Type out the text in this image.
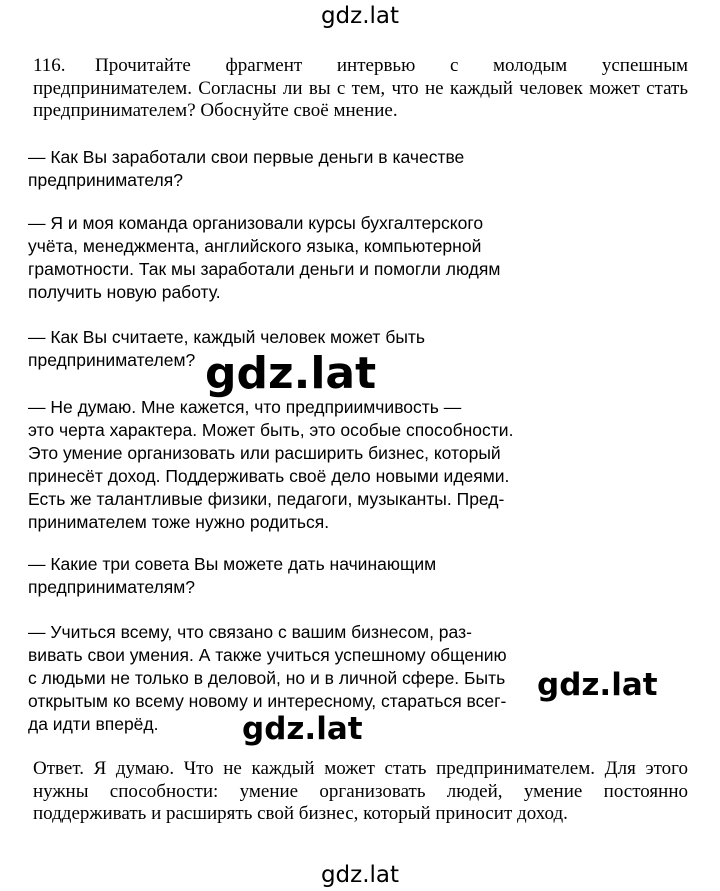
gdz.lat

116. Прочитайте фрагмент интервью с молодым успешным предпринимателем. Согласны ли вы с тем, что не каждый человек может стать предпринимателем? Обоснуйте своё мнение.

— Как Вы заработали свои первые деньги в качестве
предпринимателя?

— Я и моя команда организовали курсы бухгалтерского
учёта, менеджмента, английского языка, компьютерной
грамотности. Так мы заработали деньги и помогли людям
получить новую работу.

— Как Вы считаете, каждый человек может быть
предпринимателем?

— Не думаю. Мне кажется, что предприимчивость —
это черта характера. Может быть, это особые способности.
Это умение организовать или расширить бизнес, который
принесёт доход. Поддерживать своё дело новыми идеями.
Есть же талантливые физики, педагоги, музыканты. Пред-
принимателем тоже нужно родиться.

— Какие три совета Вы можете дать начинающим
предпринимателям?

— Учиться всему, что связано с вашим бизнесом, раз-
вивать свои умения. А также учиться успешному общению
с людьми не только в деловой, но и в личной сфере. Быть
открытым ко всему новому и интересному, стараться всег-
да идти вперёд.

Ответ. Я думаю. Что не каждый может стать предпринимателем. Для этого нужны способности: умение организовать людей, умение постоянно поддерживать и расширять свой бизнес, который приносит доход.

gdz.lat
gdz.lat
gdz.lat
gdz.lat
